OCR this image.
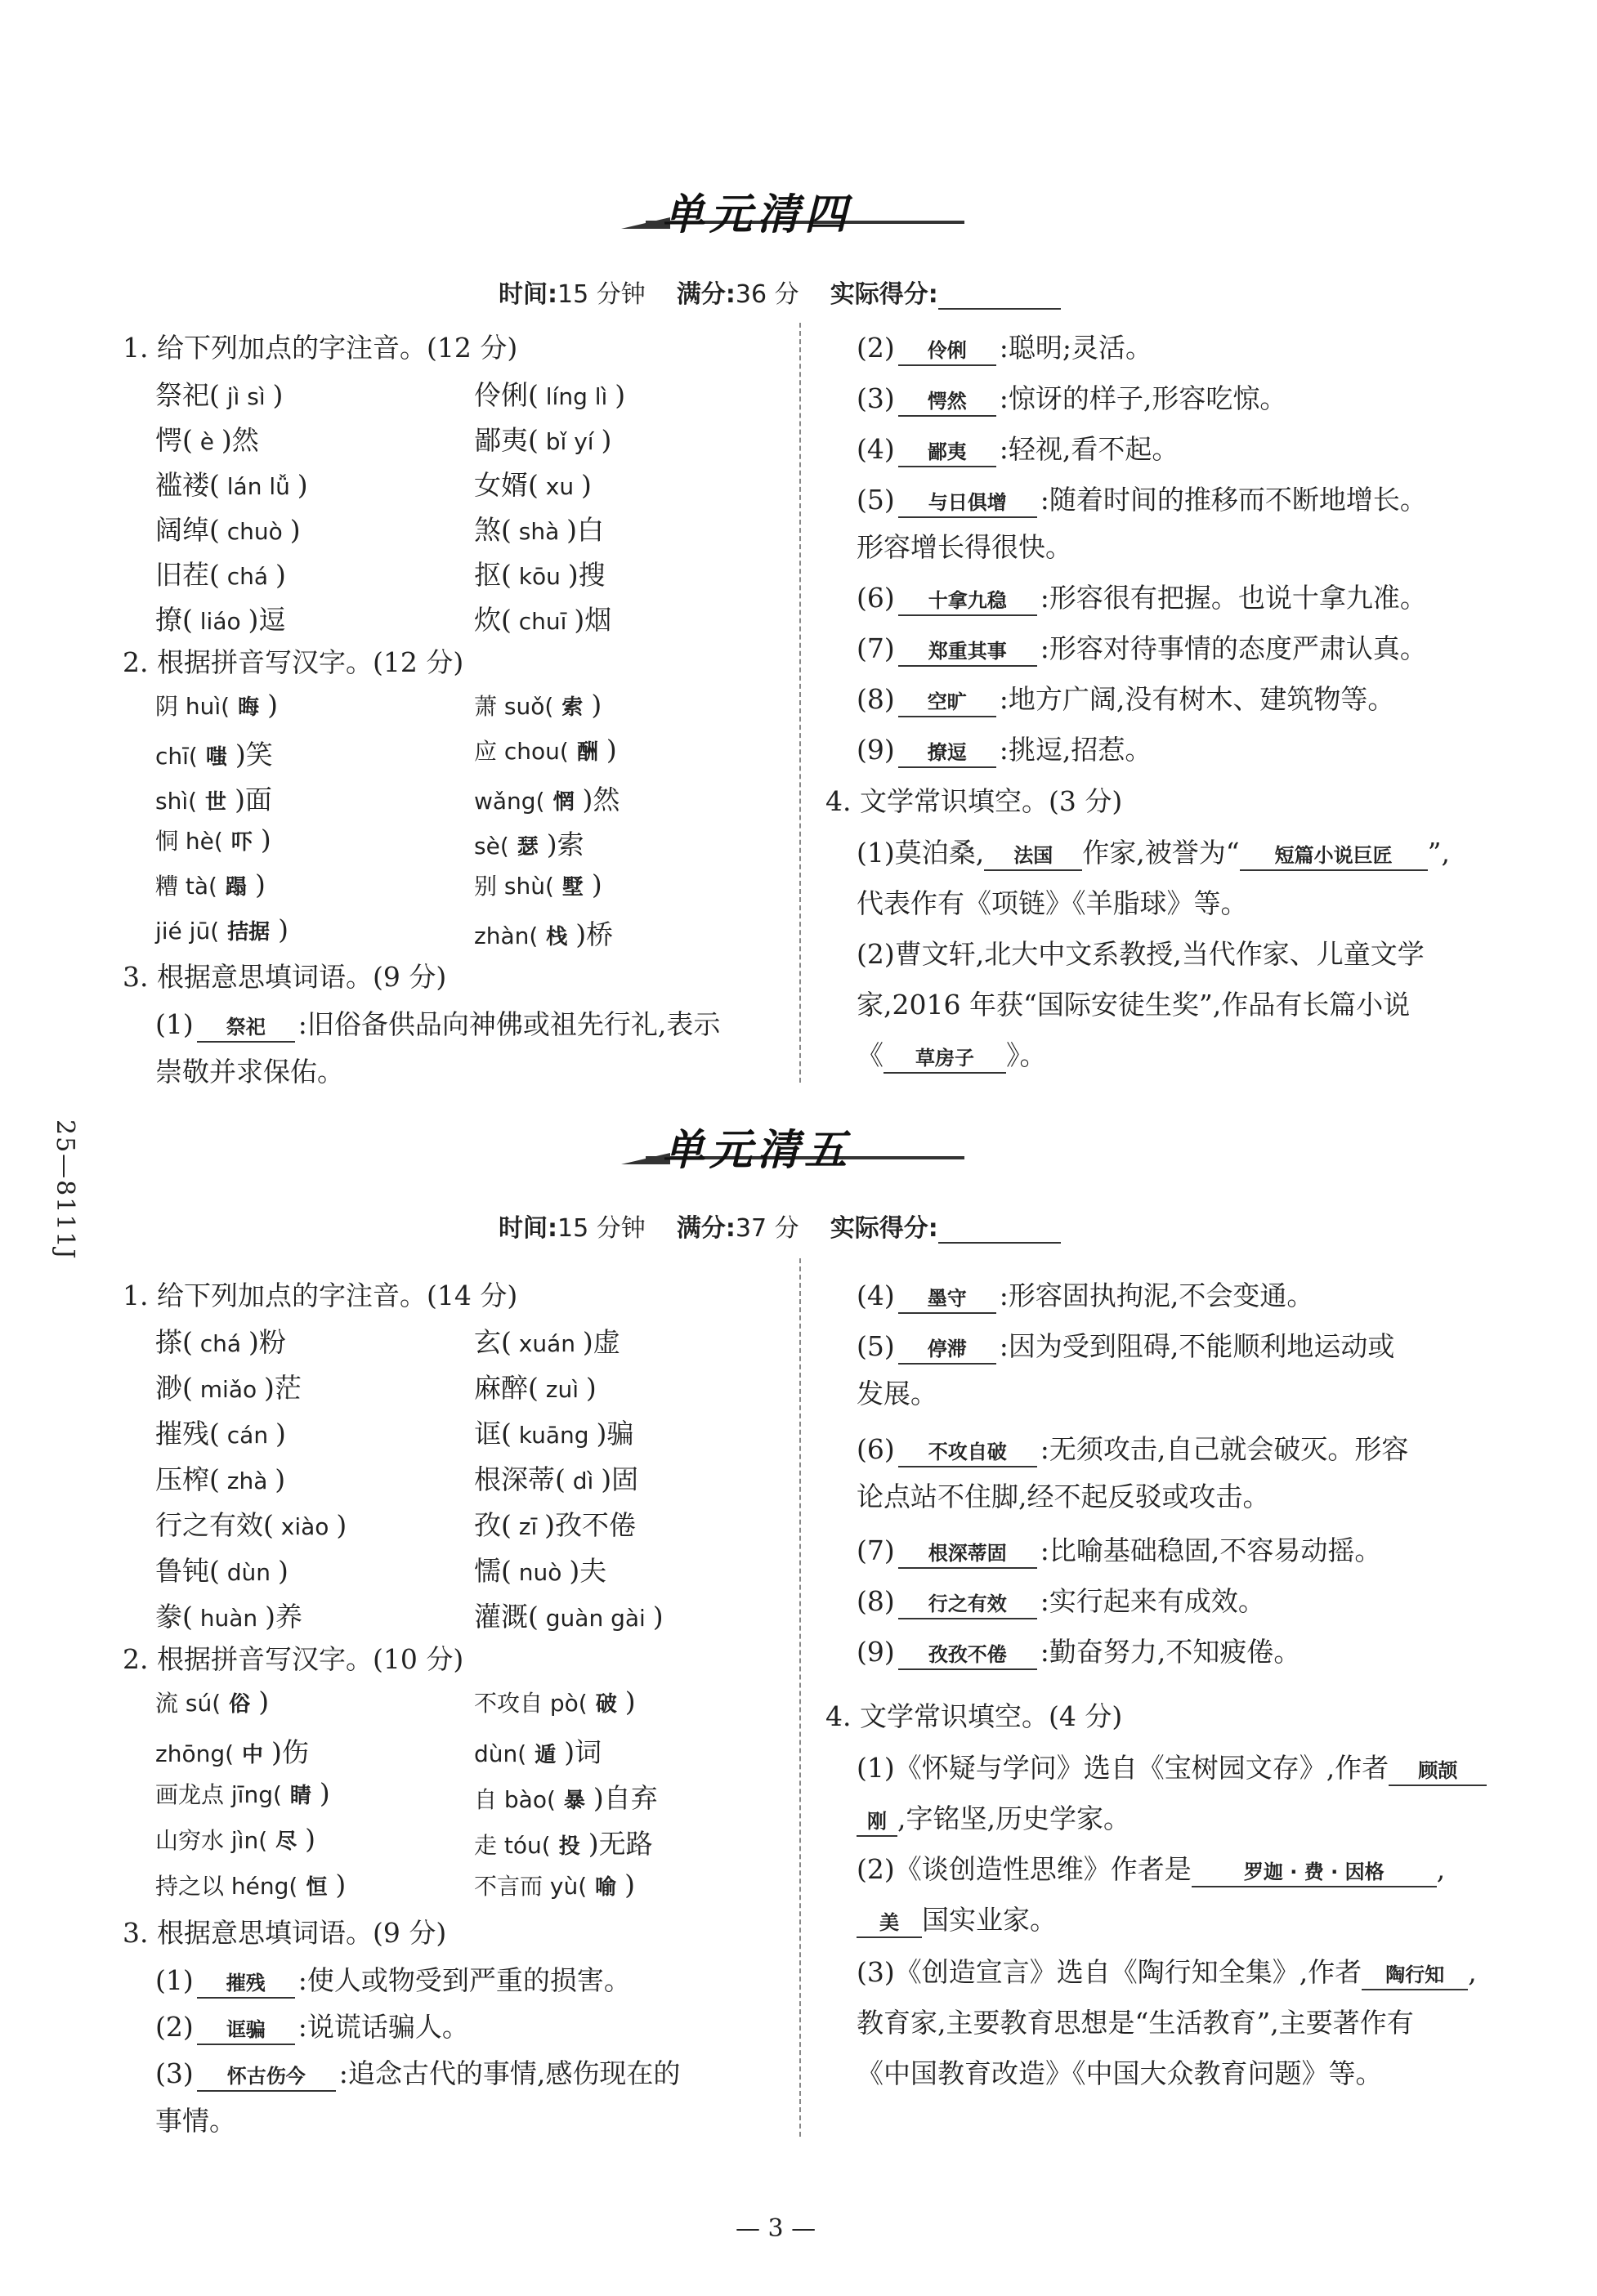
单元清四
时间:15 分钟 满分:36 分 实际得分:
1. 给下列加点的字注音。(12 分)
祭祀( jì sì )
愕( è )然
褴褛( lán lǚ )
阔绰( chuò )
旧茬( chá )
撩( liáo )逗
伶俐( líng lì )
鄙夷( bǐ yí )
女婿( xu )
煞( shà )白
抠( kōu )搜
炊( chuī )烟
2. 根据拼音写汉字。(12 分)
阴 huì( 晦 )
chī( 嗤 )笑
shì( 世 )面
恫 hè( 吓 )
糟 tà( 蹋 )
jié jū( 拮据 )
萧 suǒ( 索 )
应 chou( 酬 )
wǎng( 惘 )然
sè( 瑟 )索
别 shù( 墅 )
zhàn( 栈 )桥
3. 根据意思填词语。(9 分)
(1) 祭祀 :旧俗备供品向神佛或祖先行礼,表示
崇敬并求保佑。
(2) 伶俐 :聪明;灵活。
(3) 愕然 :惊讶的样子,形容吃惊。
(4) 鄙夷 :轻视,看不起。
(5) 与日俱增 :随着时间的推移而不断地增长。
形容增长得很快。
(6) 十拿九稳 :形容很有把握。也说十拿九准。
(7) 郑重其事 :形容对待事情的态度严肃认真。
(8) 空旷 :地方广阔,没有树木、建筑物等。
(9) 撩逗 :挑逗,招惹。
4. 文学常识填空。(3 分)
(1)莫泊桑, 法国 作家,被誉为“ 短篇小说巨匠 ”,
代表作有《项链》《羊脂球》等。
(2)曹文轩,北大中文系教授,当代作家、儿童文学
家,2016 年获“国际安徒生奖”,作品有长篇小说
《 草房子 》。
25—8111J	单元清五
时间:15 分钟 满分:37 分 实际得分:
1. 给下列加点的字注音。(14 分)
搽( chá )粉
渺( miǎo )茫
摧残( cán )
压榨( zhà )
行之有效( xiào )
鲁钝( dùn )
豢( huàn )养
玄( xuán )虚
麻醉( zuì )
诓( kuāng )骗
根深蒂( dì )固
孜( zī )孜不倦
懦( nuò )夫
灌溉( guàn gài )
2. 根据拼音写汉字。(10 分)
流 sú( 俗 )
zhōng( 中 )伤
画龙点 jīng( 睛 )
山穷水 jìn( 尽 )
持之以 héng( 恒 )
不攻自 pò( 破 )
dùn( 遁 )词
自 bào( 暴 )自弃
走 tóu( 投 )无路
不言而 yù( 喻 )
3. 根据意思填词语。(9 分)
(1) 摧残 :使人或物受到严重的损害。
(2) 诓骗 :说谎话骗人。
(3) 怀古伤今 :追念古代的事情,感伤现在的
事情。
(4) 墨守 :形容固执拘泥,不会变通。
(5) 停滞 :因为受到阻碍,不能顺利地运动或
发展。
(6) 不攻自破 :无须攻击,自己就会破灭。形容
论点站不住脚,经不起反驳或攻击。
(7) 根深蒂固 :比喻基础稳固,不容易动摇。
(8) 行之有效 :实行起来有成效。
(9) 孜孜不倦 :勤奋努力,不知疲倦。
4. 文学常识填空。(4 分)
(1)《怀疑与学问》选自《宝树园文存》,作者 顾颉
刚 ,字铭坚,历史学家。
(2)《谈创造性思维》作者是	罗迦 · 费 · 因格 ,
美 国实业家。
(3)《创造宣言》选自《陶行知全集》,作者 陶行知 ,
教育家,主要教育思想是“生活教育”,主要著作有
《中国教育改造》《中国大众教育问题》等。
— 3 —
